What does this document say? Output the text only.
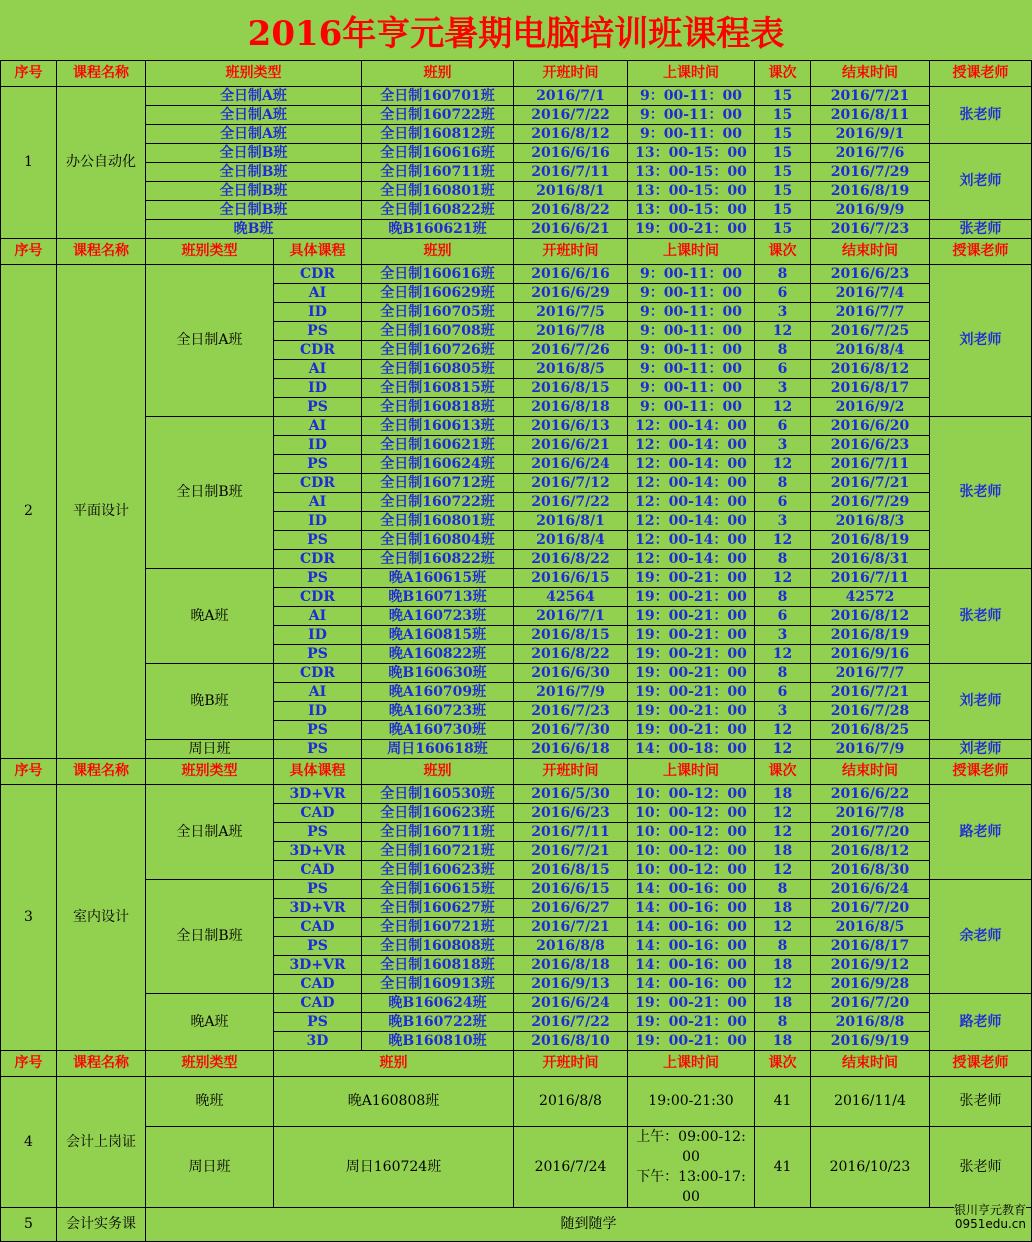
2016年亨元暑期电脑培训班课程表
序号	课程名称	班别类型		班别	开班时间	上课时间	课次	结束时间	授课老师
1	办公自动化	全日制A班		全日制160701班	2016/7/1	9：00-11：00	15	2016/7/21	张老师
		全日制A班		全日制160722班	2016/7/22	9：00-11：00	15	2016/8/11	
		全日制A班		全日制160812班	2016/8/12	9：00-11：00	15	2016/9/1	
		全日制B班		全日制160616班	2016/6/16	13：00-15：00	15	2016/7/6	刘老师
		全日制B班		全日制160711班	2016/7/11	13：00-15：00	15	2016/7/29	
		全日制B班		全日制160801班	2016/8/1	13：00-15：00	15	2016/8/19	
		全日制B班		全日制160822班	2016/8/22	13：00-15：00	15	2016/9/9	
		晚B班		晚B160621班	2016/6/21	19：00-21：00	15	2016/7/23	张老师
序号	课程名称	班别类型	具体课程	班别	开班时间	上课时间	课次	结束时间	授课老师
2	平面设计	全日制A班	CDR	全日制160616班	2016/6/16	9：00-11：00	8	2016/6/23	刘老师
			AI	全日制160629班	2016/6/29	9：00-11：00	6	2016/7/4	
			ID	全日制160705班	2016/7/5	9：00-11：00	3	2016/7/7	
			PS	全日制160708班	2016/7/8	9：00-11：00	12	2016/7/25	
			CDR	全日制160726班	2016/7/26	9：00-11：00	8	2016/8/4	
			AI	全日制160805班	2016/8/5	9：00-11：00	6	2016/8/12	
			ID	全日制160815班	2016/8/15	9：00-11：00	3	2016/8/17	
			PS	全日制160818班	2016/8/18	9：00-11：00	12	2016/9/2	
		全日制B班	AI	全日制160613班	2016/6/13	12：00-14：00	6	2016/6/20	张老师
			ID	全日制160621班	2016/6/21	12：00-14：00	3	2016/6/23	
			PS	全日制160624班	2016/6/24	12：00-14：00	12	2016/7/11	
			CDR	全日制160712班	2016/7/12	12：00-14：00	8	2016/7/21	
			AI	全日制160722班	2016/7/22	12：00-14：00	6	2016/7/29	
			ID	全日制160801班	2016/8/1	12：00-14：00	3	2016/8/3	
			PS	全日制160804班	2016/8/4	12：00-14：00	12	2016/8/19	
			CDR	全日制160822班	2016/8/22	12：00-14：00	8	2016/8/31	
		晚A班	PS	晚A160615班	2016/6/15	19：00-21：00	12	2016/7/11	张老师
			CDR	晚B160713班	42564	19：00-21：00	8	42572	
			AI	晚A160723班	2016/7/1	19：00-21：00	6	2016/8/12	
			ID	晚A160815班	2016/8/15	19：00-21：00	3	2016/8/19	
			PS	晚A160822班	2016/8/22	19：00-21：00	12	2016/9/16	
		晚B班	CDR	晚B160630班	2016/6/30	19：00-21：00	8	2016/7/7	刘老师
			AI	晚A160709班	2016/7/9	19：00-21：00	6	2016/7/21	
			ID	晚A160723班	2016/7/23	19：00-21：00	3	2016/7/28	
			PS	晚A160730班	2016/7/30	19：00-21：00	12	2016/8/25	
		周日班	PS	周日160618班	2016/6/18	14：00-18：00	12	2016/7/9	刘老师
序号	课程名称	班别类型	具体课程	班别	开班时间	上课时间	课次	结束时间	授课老师
3	室内设计	全日制A班	3D+VR	全日制160530班	2016/5/30	10：00-12：00	18	2016/6/22	路老师
			CAD	全日制160623班	2016/6/23	10：00-12：00	12	2016/7/8	
			PS	全日制160711班	2016/7/11	10：00-12：00	12	2016/7/20	
			3D+VR	全日制160721班	2016/7/21	10：00-12：00	18	2016/8/12	
			CAD	全日制160623班	2016/8/15	10：00-12：00	12	2016/8/30	
		全日制B班	PS	全日制160615班	2016/6/15	14：00-16：00	8	2016/6/24	余老师
			3D+VR	全日制160627班	2016/6/27	14：00-16：00	18	2016/7/20	
			CAD	全日制160721班	2016/7/21	14：00-16：00	12	2016/8/5	
			PS	全日制160808班	2016/8/8	14：00-16：00	8	2016/8/17	
			3D+VR	全日制160818班	2016/8/18	14：00-16：00	18	2016/9/12	
			CAD	全日制160913班	2016/9/13	14：00-16：00	12	2016/9/28	
		晚A班	CAD	晚B160624班	2016/6/24	19：00-21：00	18	2016/7/20	路老师
			PS	晚B160722班	2016/7/22	19：00-21：00	8	2016/8/8	
			3D	晚B160810班	2016/8/10	19：00-21：00	18	2016/9/19	
序号	课程名称	班别类型	班别		开班时间	上课时间	课次	结束时间	授课老师
4	会计上岗证	晚班	晚A160808班		2016/8/8	19:00-21:30	41	2016/11/4	张老师
		周日班	周日160724班		2016/7/24	上午：09:00-12:00
下午：13:00-17:00	41	2016/10/23	张老师
5	会计实务课	随到随学							
银川亨元教育
0951edu.cn
